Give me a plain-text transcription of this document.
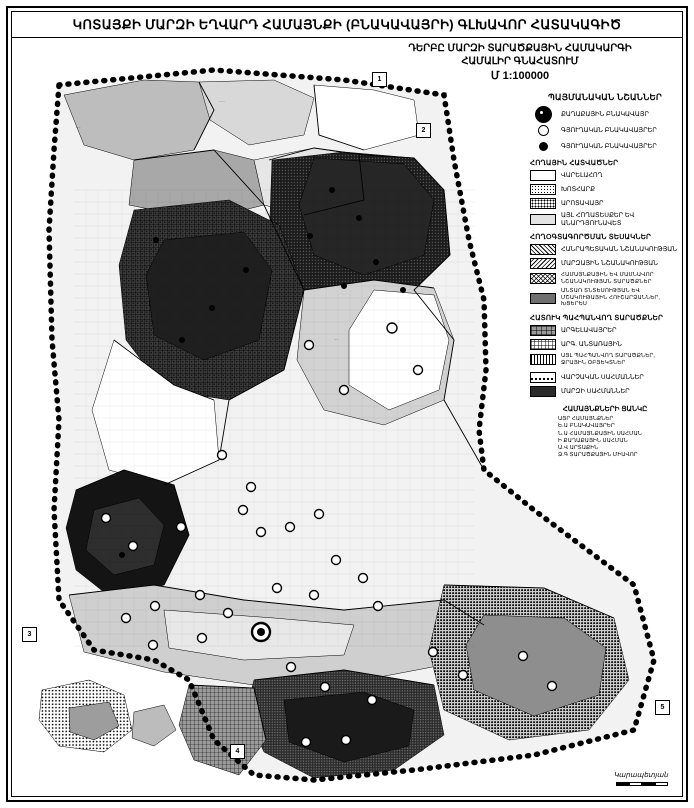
ԿՈՏԱՅՔԻ ՄԱՐԶԻ ԵՂՎԱՐԴ ՀԱՄԱՅՆՔԻ (ԲՆԱԿԱՎԱՅՐԻ) ԳԼԽԱՎՈՐ ՀԱՏԱԿԱԳԻԾ
ԴԵՐԲԸ ՄԱՐԶԻ ՏԱՐԱԾՔԱՅԻՆ ՀԱՄԱԿԱՐԳԻ
ՀԱՄԱԼԻՐ ԳՆԱՀԱՏՈՒՄ
Մ 1:100000
․․․․
․․․․․
․․․․
․․․․․․
ՊԱՅՄԱՆԱԿԱՆ ՆՇԱՆՆԵՐ
ՔԱՂԱՔԱՅԻՆ ԲՆԱԿԱՎԱՅՐ
ԳՅՈՒՂԱԿԱՆ ԲՆԱԿԱՎԱՅՐԵՐ
ԳՅՈՒՂԱԿԱՆ ԲՆԱԿԱՎԱՅՐԵՐ
ՀՈՂԱՅԻՆ ՀԱՏՎԱԾՆԵՐ
ՎԱՐԵԼԱՀՈՂ
ԽՈՏՀԱՐՔ
ԱՐՈՏԱՎԱՅՐ
ԱՅԼ ՀՈՂԱՏԵՍՔԵՐ ԵՎ ԱՆԱՐԴՅՈՒՆԱՎԵՏ
ՀՈՂՕԳՏԱԳՈՐԾՄԱՆ ՏԵՍԱԿՆԵՐ
ՀԱՆՐԱՊԵՏԱԿԱՆ ՆՇԱՆԱԿՈՒԹՅԱՆ
ՄԱՐԶԱՅԻՆ ՆՇԱՆԱԿՈՒԹՅԱՆ
ՀԱՄԱՅՆՔԱՅԻՆ ԵՎ ՄԱՍՆԱՎՈՐ ՆՇԱՆԱԿՈՒԹՅԱՆ ՏԱՐԱԾՔՆԵՐ
ԱՆՏԱՌ ՏՆՏԵՍՈՒԹՅԱՆ ԵՎ ՄՇԱԿՈՒԹԱՅԻՆ ՀՈՒՇԱՐՁԱՆՆԵՐ, ԽՑԵՐԵՍ
ՀԱՏՈՒԿ ՊԱՀՊԱՆՎՈՂ ՏԱՐԱԾՔՆԵՐ
ԱՐԳԵԼԱՎԱՅՐԵՐ
ԱՐԳ. ԱՆՏԱՌԱՅԻՆ
ԱՅԼ ՊԱՀՊԱՆՎՈՂ ՏԱՐԱԾՔՆԵՐ, ՋՐԱՅԻՆ ՕԲՅԵԿՏՆԵՐ
ՎԱՐՉԱԿԱՆ ՍԱՀՄԱՆՆԵՐ
ՄԱՐԶԻ ՍԱՀՄԱՆՆԵՐ
ՀԱՄԱՅՆՔՆԵՐԻ ՑԱՆԿԸ
ԱՅՐ ՀԱՄԱՅՆՔՆԵՐ
Ե.Ա ԲՆԱԿԱՎԱՅՐԵՐ
Ն.Ա ՀԱՄԱՅՆՔԱՅԻՆ ՍԱՀՄԱՆ
Ի ՔԱՂԱՔԱՅԻՆ ՍԱՀՄԱՆ
Ա.Վ ԱՐՏԱՔԻՆ
Ձ.Գ ՏԱՐԱԾՔԱՅԻՆ ՄԻԱՎՈՐ
1
2
3
4
5
Կարապետյան
